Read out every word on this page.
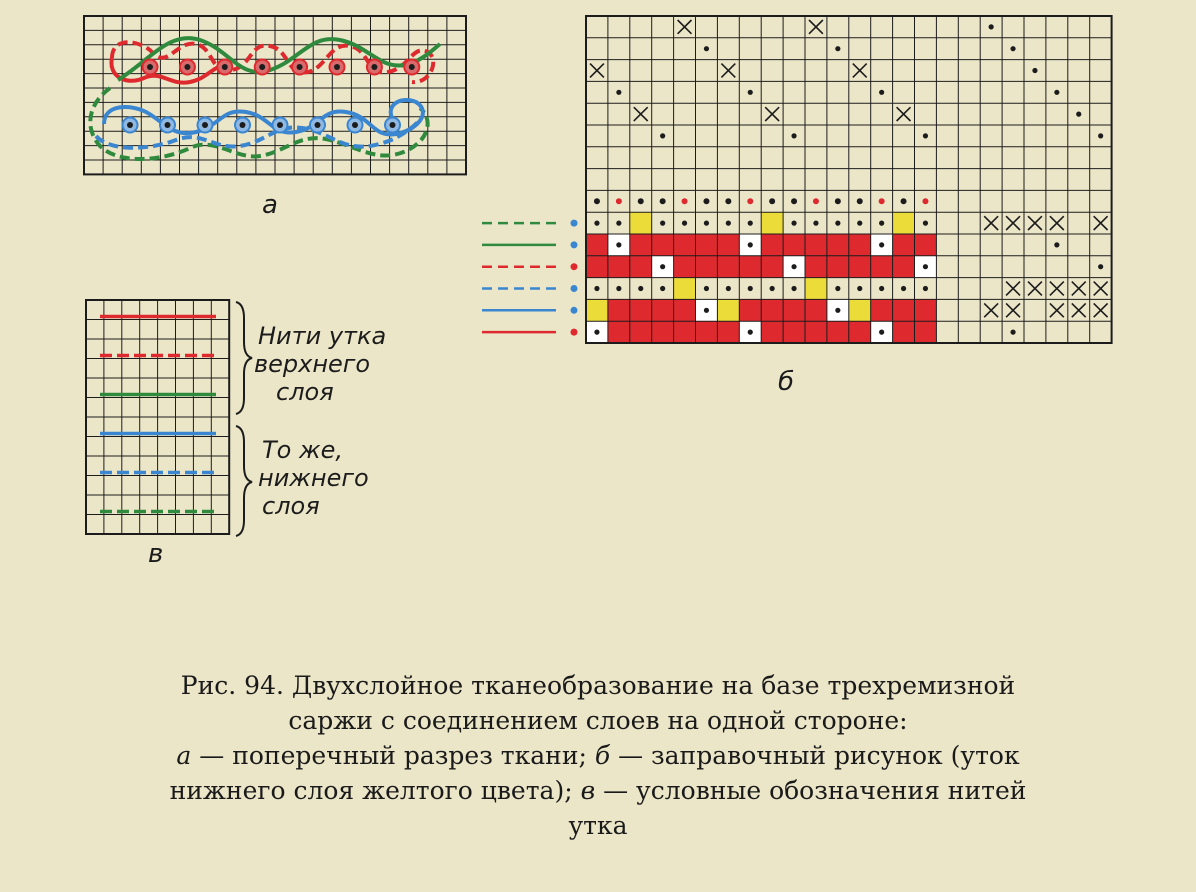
а
б
в
Нити утка
верхнего
слоя
То же,
нижнего
слоя
Рис. 94. Двухслойное тканеобразование на базе трехремизной
саржи с соединением слоев на одной стороне:
а — поперечный разрез ткани; б — заправочный рисунок (уток
нижнего слоя желтого цвета); в — условные обозначения нитей
утка
